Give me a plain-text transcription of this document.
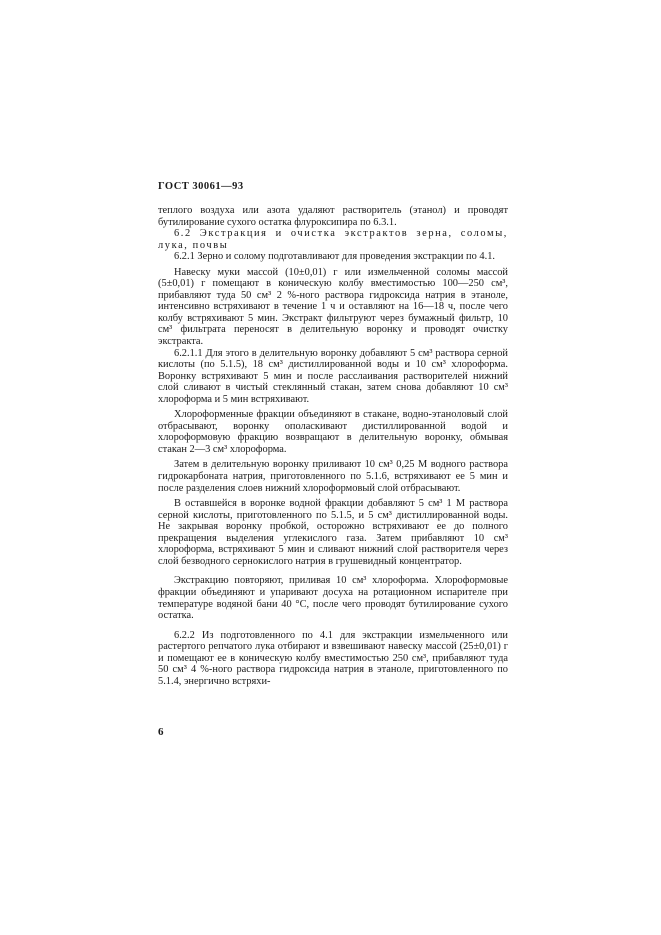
ГОСТ 30061—93

теплого воздуха или азота удаляют растворитель (этанол) и проводят бутилирование сухого остатка флуроксипира по 6.3.1.

6.2 Экстракция и очистка экстрактов зерна, соломы, лука, почвы

6.2.1 Зерно и солому подготавливают для проведения экстракции по 4.1.

Навеску муки массой (10±0,01) г или измельченной соломы массой (5±0,01) г помещают в коническую колбу вместимостью 100—250 см³, прибавляют туда 50 см³ 2 %-ного раствора гидроксида натрия в этаноле, интенсивно встряхивают в течение 1 ч и оставляют на 16—18 ч, после чего колбу встряхивают 5 мин. Экстракт фильтруют через бумажный фильтр, 10 см³ фильтрата переносят в делительную воронку и проводят очистку экстракта.

6.2.1.1 Для этого в делительную воронку добавляют 5 см³ раствора серной кислоты (по 5.1.5), 18 см³ дистиллированной воды и 10 см³ хлороформа. Воронку встряхивают 5 мин и после расслаивания растворителей нижний слой сливают в чистый стеклянный стакан, затем снова добавляют 10 см³ хлороформа и 5 мин встряхивают.

Хлороформенные фракции объединяют в стакане, водно-этаноловый слой отбрасывают, воронку ополаскивают дистиллированной водой и хлороформовую фракцию возвращают в делительную воронку, обмывая стакан 2—3 см³ хлороформа.

Затем в делительную воронку приливают 10 см³ 0,25 М водного раствора гидрокарбоната натрия, приготовленного по 5.1.6, встряхивают ее 5 мин и после разделения слоев нижний хлороформовый слой отбрасывают.

В оставшейся в воронке водной фракции добавляют 5 см³ 1 М раствора серной кислоты, приготовленного по 5.1.5, и 5 см³ дистиллированной воды. Не закрывая воронку пробкой, осторожно встряхивают ее до полного прекращения выделения углекислого газа. Затем прибавляют 10 см³ хлороформа, встряхивают 5 мин и сливают нижний слой растворителя через слой безводного сернокислого натрия в грушевидный концентратор.

Экстракцию повторяют, приливая 10 см³ хлороформа. Хлороформовые фракции объединяют и упаривают досуха на ротационном испарителе при температуре водяной бани 40 °С, после чего проводят бутилирование сухого остатка.

6.2.2 Из подготовленного по 4.1 для экстракции измельченного или растертого репчатого лука отбирают и взвешивают навеску массой (25±0,01) г и помещают ее в коническую колбу вместимостью 250 см³, прибавляют туда 50 см³ 4 %-ного раствора гидроксида натрия в этаноле, приготовленного по 5.1.4, энергично встряхи-

6
